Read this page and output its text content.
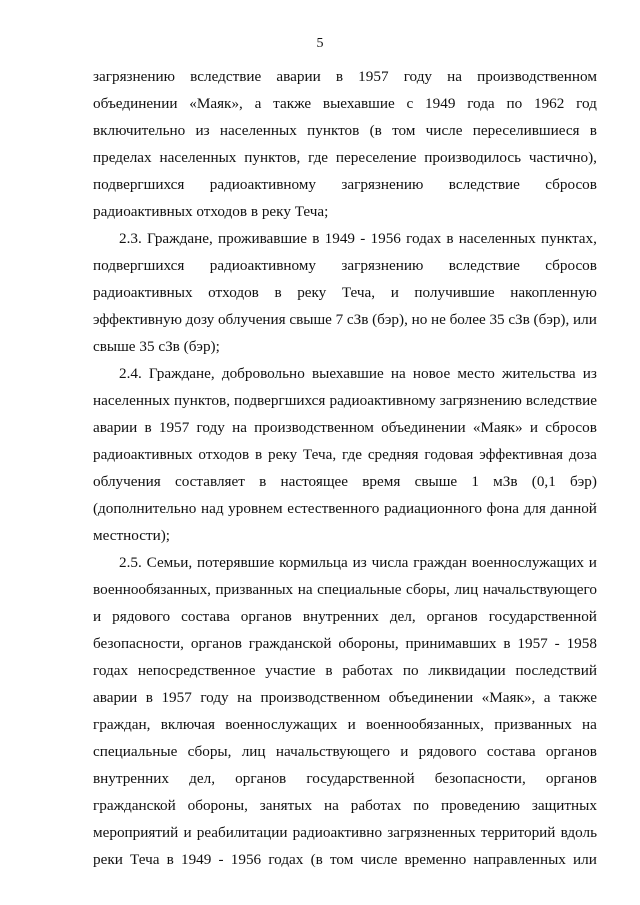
5
загрязнению вследствие аварии в 1957 году на производственном
объединении «Маяк», а также выехавшие с 1949 года по 1962 год
включительно из населенных пунктов (в том числе переселившиеся в
пределах населенных пунктов, где переселение производилось частично),
подвергшихся радиоактивному загрязнению вследствие сбросов
радиоактивных отходов в реку Теча;
2.3. Граждане, проживавшие в 1949 - 1956 годах в населенных пунктах,
подвергшихся радиоактивному загрязнению вследствие сбросов
радиоактивных отходов в реку Теча, и получившие накопленную
эффективную дозу облучения свыше 7 сЗв (бэр), но не более 35 сЗв (бэр), или
свыше 35 сЗв (бэр);
2.4. Граждане, добровольно выехавшие на новое место жительства из
населенных пунктов, подвергшихся радиоактивному загрязнению вследствие
аварии в 1957 году на производственном объединении «Маяк» и сбросов
радиоактивных отходов в реку Теча, где средняя годовая эффективная доза
облучения составляет в настоящее время свыше 1 мЗв (0,1 бэр)
(дополнительно над уровнем естественного радиационного фона для данной
местности);
2.5. Семьи, потерявшие кормильца из числа граждан военнослужащих и
военнообязанных, призванных на специальные сборы, лиц начальствующего
и рядового состава органов внутренних дел, органов государственной
безопасности, органов гражданской обороны, принимавших в 1957 - 1958
годах непосредственное участие в работах по ликвидации последствий
аварии в 1957 году на производственном объединении «Маяк», а также
граждан, включая военнослужащих и военнообязанных, призванных на
специальные сборы, лиц начальствующего и рядового состава органов
внутренних дел, органов государственной безопасности, органов
гражданской обороны, занятых на работах по проведению защитных
мероприятий и реабилитации радиоактивно загрязненных территорий вдоль
реки Теча в 1949 - 1956 годах (в том числе временно направленных или
